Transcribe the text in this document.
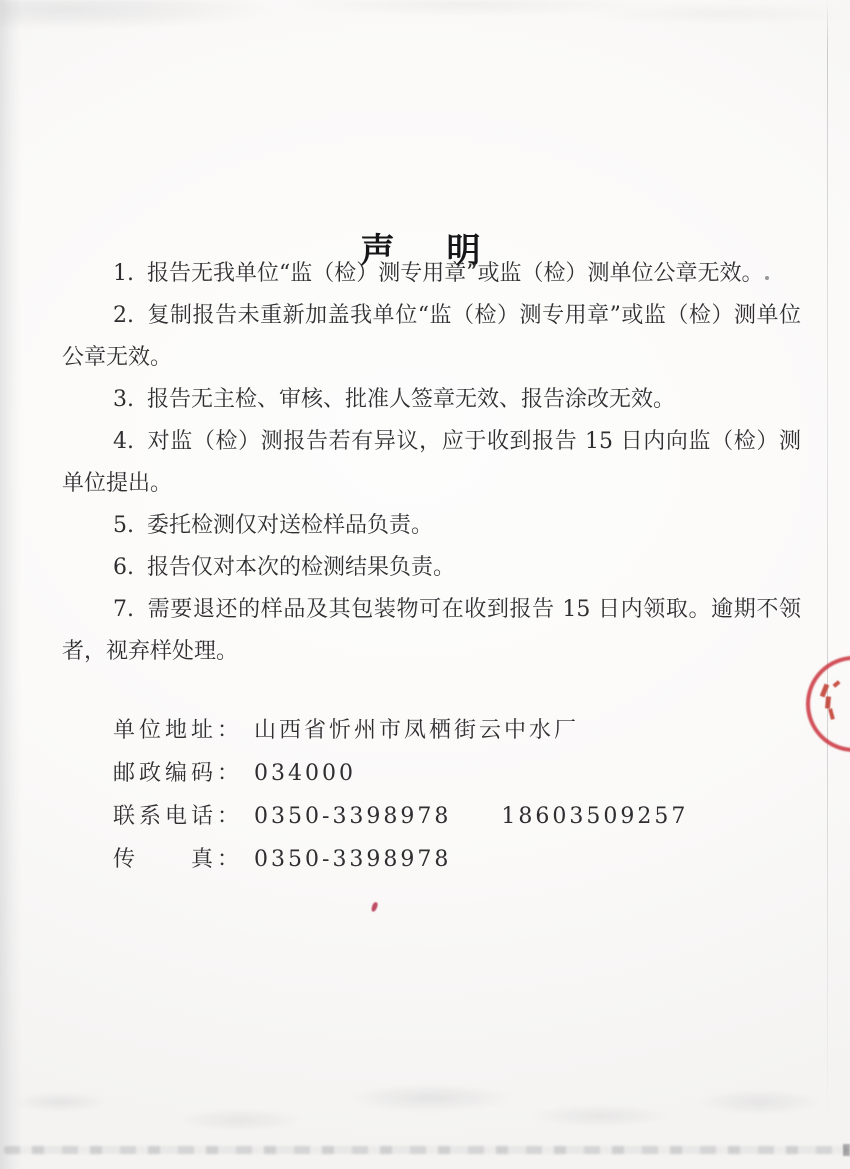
声　明

1. 报告无我单位“监（检）测专用章”或监（检）测单位公章无效。

2. 复制报告未重新加盖我单位“监（检）测专用章”或监（检）测单位公章无效。

3. 报告无主检、审核、批准人签章无效、报告涂改无效。

4. 对监（检）测报告若有异议，应于收到报告 15 日内向监（检）测单位提出。

5. 委托检测仅对送检样品负责。

6. 报告仅对本次的检测结果负责。

7. 需要退还的样品及其包装物可在收到报告 15 日内领取。逾期不领者，视弃样处理。

单位地址： 山西省忻州市凤栖街云中水厂
邮政编码： 034000
联系电话： 0350-3398978 18603509257
传　　真： 0350-3398978
